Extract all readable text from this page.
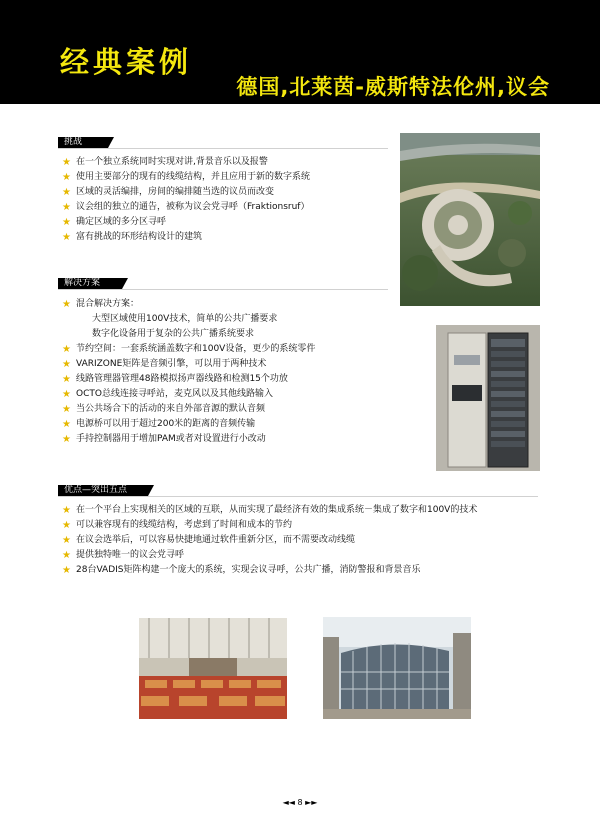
经典案例
德国,北莱茵-威斯特法伦州,议会
挑战
★ 在一个独立系统同时实现对讲,背景音乐以及报警
★ 使用主要部分的现有的线缆结构，并且应用于新的数字系统
★ 区域的灵活编排，房间的编排随当选的议员而改变
★ 议会组的独立的通告，被称为议会党寻呼（Fraktionsruf）
★ 确定区域的多分区寻呼
★ 富有挑战的环形结构设计的建筑
解决方案
★ 混合解决方案：
大型区域使用100V技术，简单的公共广播要求
数字化设备用于复杂的公共广播系统要求
★ 节约空间：一套系统涵盖数字和100V设备，更少的系统零件
★ VARIZONE矩阵是音频引擎，可以用于两种技术
★ 线路管理器管理48路模拟扬声器线路和检测15个功放
★ OCTO总线连接寻呼站，麦克风以及其他线路输入
★ 当公共场合下的活动的来自外部音源的默认音频
★ 电源桥可以用于超过200米的距离的音频传输
★ 手持控制器用于增加PAM或者对设置进行小改动
优点—突出五点
★ 在一个平台上实现相关的区域的互联，从而实现了最经济有效的集成系统－集成了数字和100V的技术
★ 可以兼容现有的线缆结构，考虑到了时间和成本的节约
★ 在议会选举后，可以容易快捷地通过软件重新分区，而不需要改动线缆
★ 提供独特唯一的议会党寻呼
★ 28台VADIS矩阵构建一个庞大的系统，实现会议寻呼，公共广播，消防警报和背景音乐
◄◄ 8 ►►
